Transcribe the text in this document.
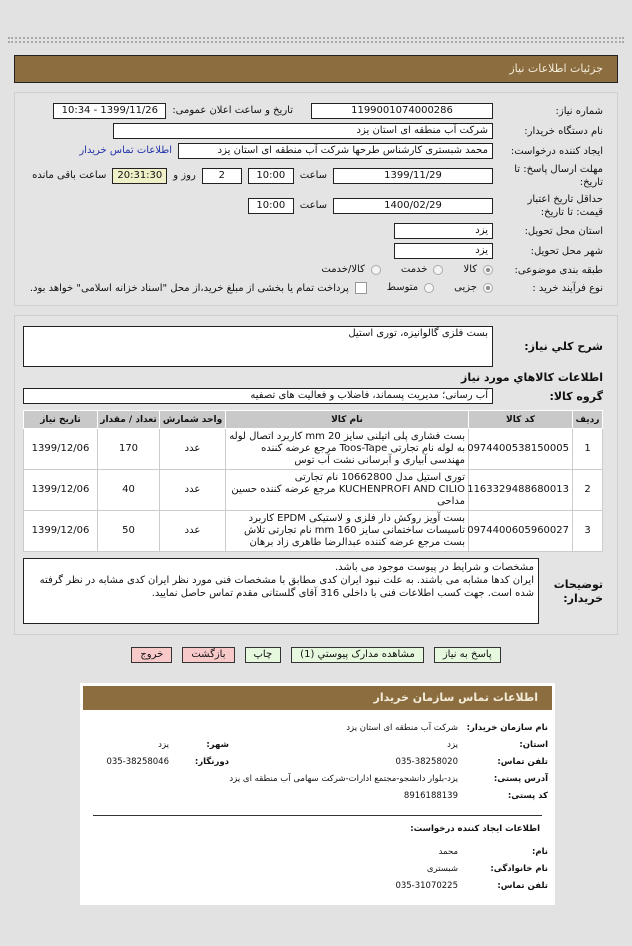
جزئیات اطلاعات نیاز
شماره نیاز:
1199001074000286
تاریخ و ساعت اعلان عمومی:
1399/11/26 - 10:34
نام دستگاه خریدار:
شرکت آب منطقه ای استان یزد
ایجاد کننده درخواست:
محمد شبستری کارشناس طرحها شرکت آب منطقه ای استان یزد
اطلاعات تماس خریدار
مهلت ارسال پاسخ: تا تاریخ:
1399/11/29
ساعت
10:00
2
روز و
20:31:30
ساعت باقی مانده
حداقل تاریخ اعتبار قیمت: تا تاریخ:
1400/02/29
ساعت
10:00
استان محل تحویل:
یزد
شهر محل تحویل:
یزد
طبقه بندی موضوعی:
کالا
خدمت
کالا/خدمت
نوع فرآیند خرید :
جزیی
متوسط
پرداخت تمام یا بخشی از مبلغ خرید،از محل "اسناد خزانه اسلامی" خواهد بود.
شرح کلي نياز:
بست فلزی گالوانیزه، توری استیل
اطلاعات کالاهاي مورد نياز
گروه کالا:
آب رسانی؛ مدیریت پسماند، فاضلاب و فعالیت های تصفیه
ردیف	کد کالا	نام کالا	واحد شمارش	تعداد / مقدار	تاریخ نیاز
1	0974400538150005	بست فشاری پلی اتیلنی سایز mm 20 کاربرد اتصال لوله به لوله نام تجارتی Toos-Tape مرجع عرضه کننده مهندسی آبیاری و آبرسانی نشت آب توس	عدد	170	1399/12/06
2	1163329488680013	توری استیل مدل 10662800 نام تجارتی KUCHENPROFI AND CILIO مرجع عرضه کننده حسین مداحی	عدد	40	1399/12/06
3	0974400605960027	بست آویز روکش دار فلزی و لاستیکی EPDM کاربرد تاسیسات ساختمانی سایز mm 160 نام تجارتی تلاش بست مرجع عرضه کننده عبدالرضا طاهری زاد برهان	عدد	50	1399/12/06
توضیحات خریدار:
مشخصات و شرایط در پیوست موجود می باشد.
ایران کدها مشابه می باشند. به علت نبود ایران کدی مطابق با مشخصات فنی مورد نظر ایران کدی مشابه در نظر گرفته شده است. جهت کسب اطلاعات فنی با داخلی 316 آقای گلستانی مقدم تماس حاصل نمایید.
پاسخ به نیاز
مشاهده مدارک پیوستي (1)
چاپ
بازگشت
خروج
اطلاعات تماس سازمان خریدار
نام سازمان خریدار:	شرکت آب منطقه ای استان یزد		
استان:	یزد	شهر:	یزد
تلفن تماس:	035-38258020	دورنگار:	035-38258046
آدرس پستی:	یزد-بلوار دانشجو-مجتمع ادارات-شرکت سهامی آب منطقه ای یزد		
کد پستی:	8916188139		
اطلاعات ایجاد کننده درخواست:
نام:	محمد
نام خانوادگی:	شبستری
تلفن تماس:	035-31070225
